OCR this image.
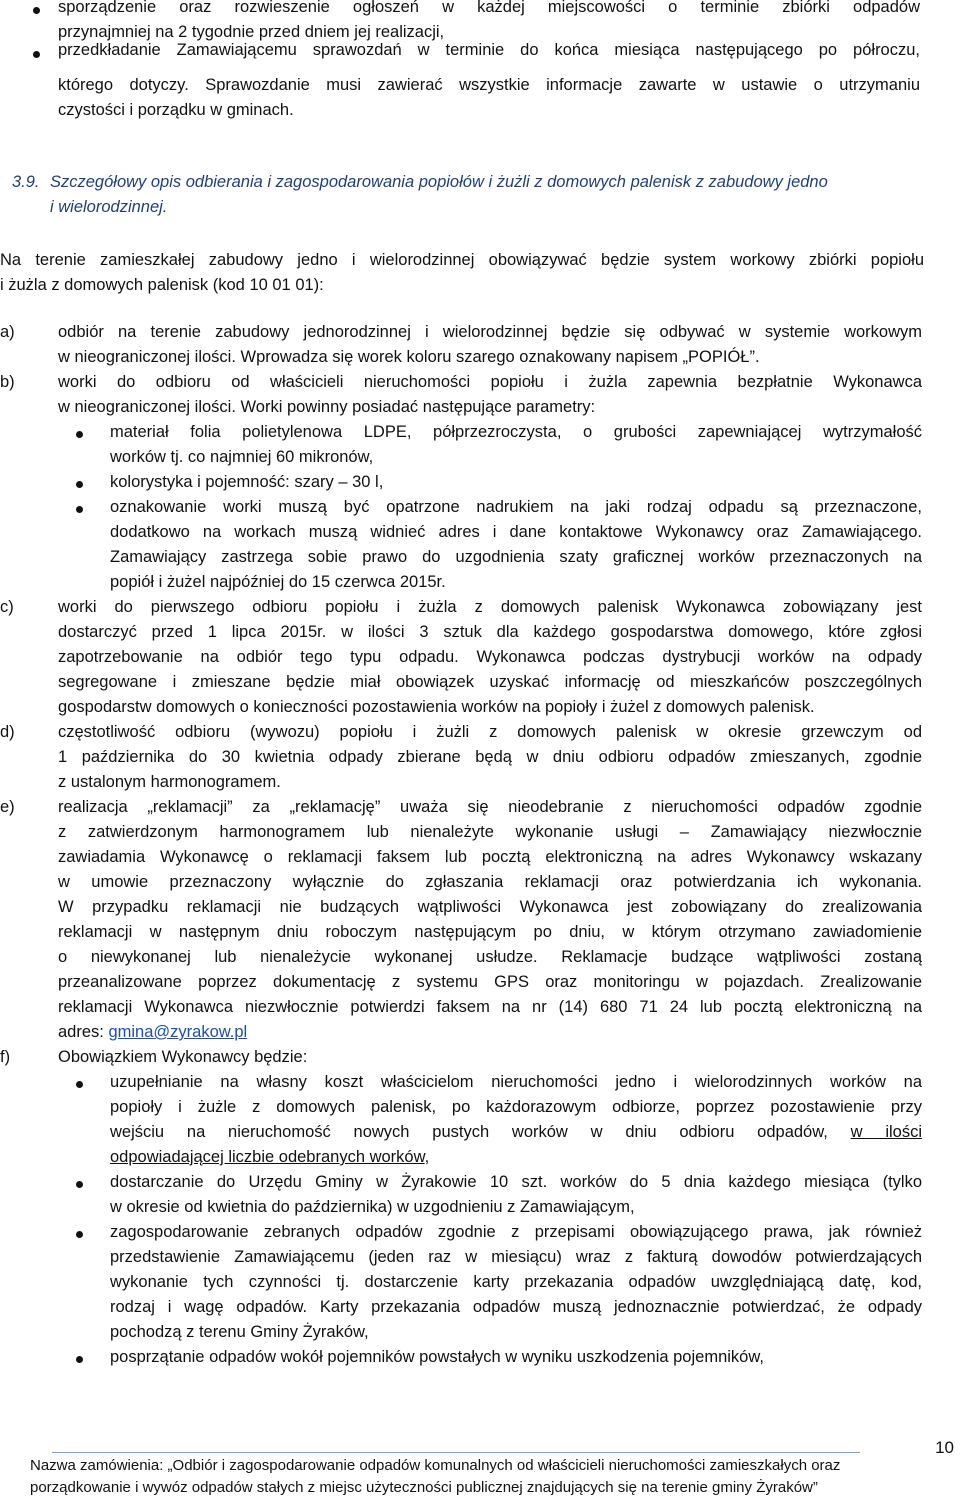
sporządzenie oraz rozwieszenie ogłoszeń w każdej miejscowości o terminie zbiórki odpadów
przynajmniej na 2 tygodnie przed dniem jej realizacji,
przedkładanie Zamawiającemu sprawozdań w terminie do końca miesiąca następującego po półroczu,
którego dotyczy. Sprawozdanie musi zawierać wszystkie informacje zawarte w ustawie o utrzymaniu
czystości i porządku w gminach.
3.9. Szczegółowy opis odbierania i zagospodarowania popiołów i żużli z domowych palenisk z zabudowy jedno
i wielorodzinnej.
Na terenie zamieszkałej zabudowy jedno i wielorodzinnej obowiązywać będzie system workowy zbiórki popiołu
i żużla z domowych palenisk (kod 10 01 01):
a)	odbiór na terenie zabudowy jednorodzinnej i wielorodzinnej będzie się odbywać w systemie workowym
w nieograniczonej ilości. Wprowadza się worek koloru szarego oznakowany napisem „POPIÓŁ”.
b)	worki do odbioru od właścicieli nieruchomości popiołu i żużla zapewnia bezpłatnie Wykonawca
w nieograniczonej ilości. Worki powinny posiadać następujące parametry:
materiał folia polietylenowa LDPE, półprzezroczysta, o grubości zapewniającej wytrzymałość
worków tj. co najmniej 60 mikronów,
kolorystyka i pojemność: szary – 30 l,
oznakowanie worki muszą być opatrzone nadrukiem na jaki rodzaj odpadu są przeznaczone,
dodatkowo na workach muszą widnieć adres i dane kontaktowe Wykonawcy oraz Zamawiającego.
Zamawiający zastrzega sobie prawo do uzgodnienia szaty graficznej worków przeznaczonych na
popiół i żużel najpóźniej do 15 czerwca 2015r.
c)	worki do pierwszego odbioru popiołu i żużla z domowych palenisk Wykonawca zobowiązany jest
dostarczyć przed 1 lipca 2015r. w ilości 3 sztuk dla każdego gospodarstwa domowego, które zgłosi
zapotrzebowanie na odbiór tego typu odpadu. Wykonawca podczas dystrybucji worków na odpady
segregowane i zmieszane będzie miał obowiązek uzyskać informację od mieszkańców poszczególnych
gospodarstw domowych o konieczności pozostawienia worków na popioły i żużel z domowych palenisk.
d)	częstotliwość odbioru (wywozu) popiołu i żużli z domowych palenisk w okresie grzewczym od
1 października do 30 kwietnia odpady zbierane będą w dniu odbioru odpadów zmieszanych, zgodnie
z ustalonym harmonogramem.
e)	realizacja „reklamacji” za „reklamację” uważa się nieodebranie z nieruchomości odpadów zgodnie
z zatwierdzonym harmonogramem lub nienależyte wykonanie usługi – Zamawiający niezwłocznie
zawiadamia Wykonawcę o reklamacji faksem lub pocztą elektroniczną na adres Wykonawcy wskazany
w umowie przeznaczony wyłącznie do zgłaszania reklamacji oraz potwierdzania ich wykonania.
W przypadku reklamacji nie budzących wątpliwości Wykonawca jest zobowiązany do zrealizowania
reklamacji w następnym dniu roboczym następującym po dniu, w którym otrzymano zawiadomienie
o niewykonanej lub nienależycie wykonanej usłudze. Reklamacje budzące wątpliwości zostaną
przeanalizowane poprzez dokumentację z systemu GPS oraz monitoringu w pojazdach. Zrealizowanie
reklamacji Wykonawca niezwłocznie potwierdzi faksem na nr (14) 680 71 24 lub pocztą elektroniczną na
adres: gmina@zyrakow.pl
f)	Obowiązkiem Wykonawcy będzie:
uzupełnianie na własny koszt właścicielom nieruchomości jedno i wielorodzinnych worków na
popioły i żużle z domowych palenisk, po każdorazowym odbiorze, poprzez pozostawienie przy
wejściu na nieruchomość nowych pustych worków w dniu odbioru odpadów, w ilości
odpowiadającej liczbie odebranych worków,
dostarczanie do Urzędu Gminy w Żyrakowie 10 szt. worków do 5 dnia każdego miesiąca (tylko
w okresie od kwietnia do października) w uzgodnieniu z Zamawiającym,
zagospodarowanie zebranych odpadów zgodnie z przepisami obowiązującego prawa, jak również
przedstawienie Zamawiającemu (jeden raz w miesiącu) wraz z fakturą dowodów potwierdzających
wykonanie tych czynności tj. dostarczenie karty przekazania odpadów uwzględniającą datę, kod,
rodzaj i wagę odpadów. Karty przekazania odpadów muszą jednoznacznie potwierdzać, że odpady
pochodzą z terenu Gminy Żyraków,
posprzątanie odpadów wokół pojemników powstałych w wyniku uszkodzenia pojemników,
Nazwa zamówienia: „Odbiór i zagospodarowanie odpadów komunalnych od właścicieli nieruchomości zamieszkałych oraz
porządkowanie i wywóz odpadów stałych z miejsc użyteczności publicznej znajdujących się na terenie gminy Żyraków”
10
